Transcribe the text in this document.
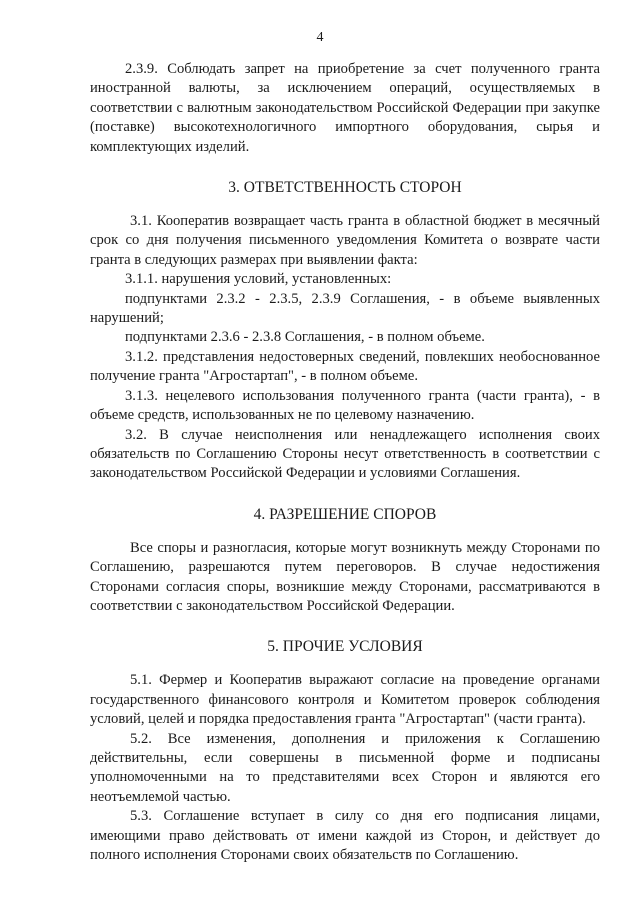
4

2.3.9. Соблюдать запрет на приобретение за счет полученного гранта иностранной валюты, за исключением операций, осуществляемых в соответствии с валютным законодательством Российской Федерации при закупке (поставке) высокотехнологичного импортного оборудования, сырья и комплектующих изделий.

3. ОТВЕТСТВЕННОСТЬ СТОРОН

3.1. Кооператив возвращает часть гранта в областной бюджет в месячный срок со дня получения письменного уведомления Комитета о возврате части гранта в следующих размерах при выявлении факта:

3.1.1. нарушения условий, установленных:

подпунктами 2.3.2 - 2.3.5, 2.3.9 Соглашения, - в объеме выявленных нарушений;

подпунктами 2.3.6 - 2.3.8 Соглашения, - в полном объеме.

3.1.2. представления недостоверных сведений, повлекших необоснованное получение гранта "Агростартап", - в полном объеме.

3.1.3. нецелевого использования полученного гранта (части гранта), - в объеме средств, использованных не по целевому назначению.

3.2. В случае неисполнения или ненадлежащего исполнения своих обязательств по Соглашению Стороны несут ответственность в соответствии с законодательством Российской Федерации и условиями Соглашения.

4. РАЗРЕШЕНИЕ СПОРОВ

Все споры и разногласия, которые могут возникнуть между Сторонами по Соглашению, разрешаются путем переговоров. В случае недостижения Сторонами согласия споры, возникшие между Сторонами, рассматриваются в соответствии с законодательством Российской Федерации.

5. ПРОЧИЕ УСЛОВИЯ

5.1. Фермер и Кооператив выражают согласие на проведение органами государственного финансового контроля и Комитетом проверок соблюдения условий, целей и порядка предоставления гранта "Агростартап" (части гранта).

5.2. Все изменения, дополнения и приложения к Соглашению действительны, если совершены в письменной форме и подписаны уполномоченными на то представителями всех Сторон и являются его неотъемлемой частью.

5.3. Соглашение вступает в силу со дня его подписания лицами, имеющими право действовать от имени каждой из Сторон, и действует до полного исполнения Сторонами своих обязательств по Соглашению.
